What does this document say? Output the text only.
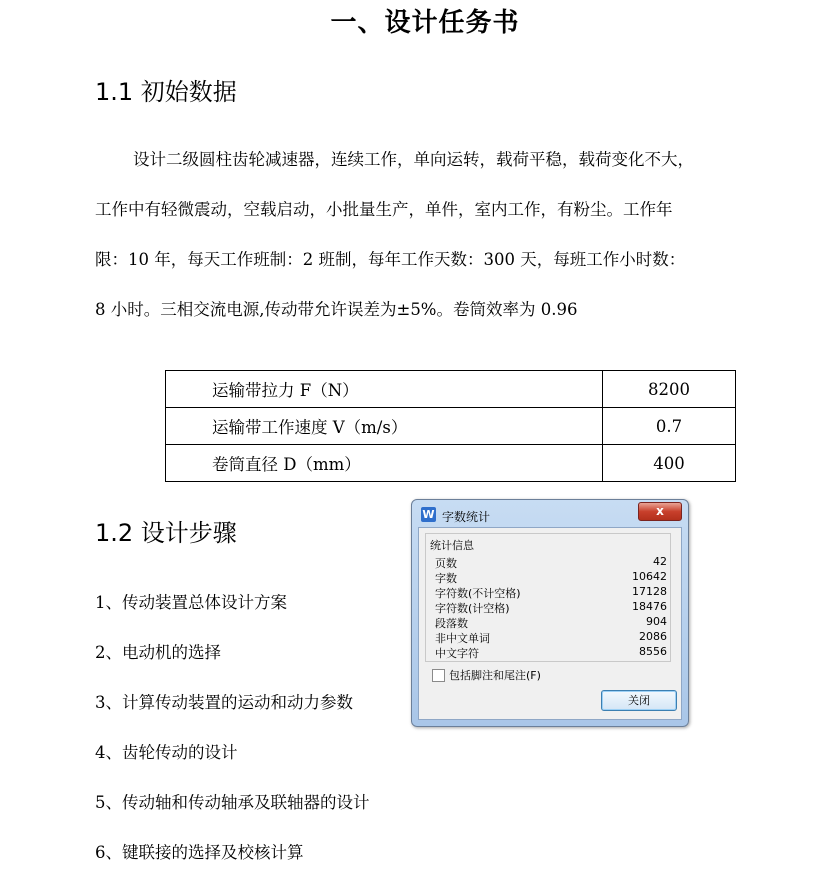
一、设计任务书
1.1 初始数据
设计二级圆柱齿轮减速器，连续工作，单向运转，载荷平稳，载荷变化不大，
工作中有轻微震动，空载启动，小批量生产，单件，室内工作，有粉尘。工作年
限：10 年，每天工作班制：2 班制，每年工作天数：300 天，每班工作小时数：
8 小时。三相交流电源,传动带允许误差为±5%。卷筒效率为 0.96
运输带拉力 F（N）	8200
运输带工作速度 V（m/s）	0.7
卷筒直径 D（mm）	400
1.2 设计步骤
1、传动装置总体设计方案
2、电动机的选择
3、计算传动装置的运动和动力参数
4、齿轮传动的设计
5、传动轴和传动轴承及联轴器的设计
6、键联接的选择及校核计算
W 字数统计	x
统计信息
页数	42
字数	10642
字符数(不计空格)	17128
字符数(计空格)	18476
段落数	904
非中文单词	2086
中文字符	8556
包括脚注和尾注(F)
关闭
